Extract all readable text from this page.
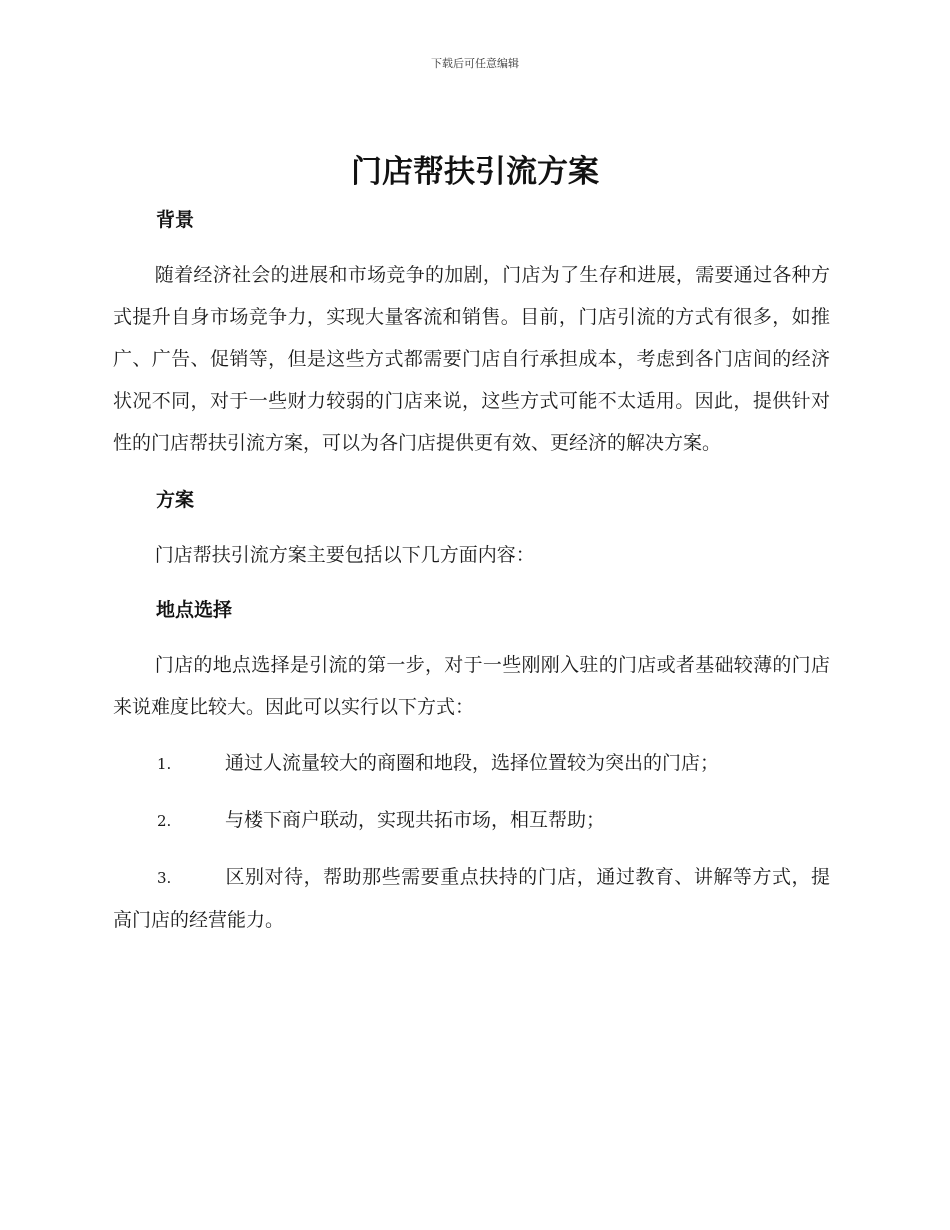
下载后可任意编辑
门店帮扶引流方案
背景

随着经济社会的进展和市场竞争的加剧，门店为了生存和进展，需要通过各种方式提升自身市场竞争力，实现大量客流和销售。目前，门店引流的方式有很多，如推广、广告、促销等，但是这些方式都需要门店自行承担成本，考虑到各门店间的经济状况不同，对于一些财力较弱的门店来说，这些方式可能不太适用。因此，提供针对性的门店帮扶引流方案，可以为各门店提供更有效、更经济的解决方案。

方案

门店帮扶引流方案主要包括以下几方面内容：

地点选择

门店的地点选择是引流的第一步，对于一些刚刚入驻的门店或者基础较薄的门店来说难度比较大。因此可以实行以下方式：

1.	通过人流量较大的商圈和地段，选择位置较为突出的门店；

2.	与楼下商户联动，实现共拓市场，相互帮助；

3.	区别对待，帮助那些需要重点扶持的门店，通过教育、讲解等方式，提高门店的经营能力。
